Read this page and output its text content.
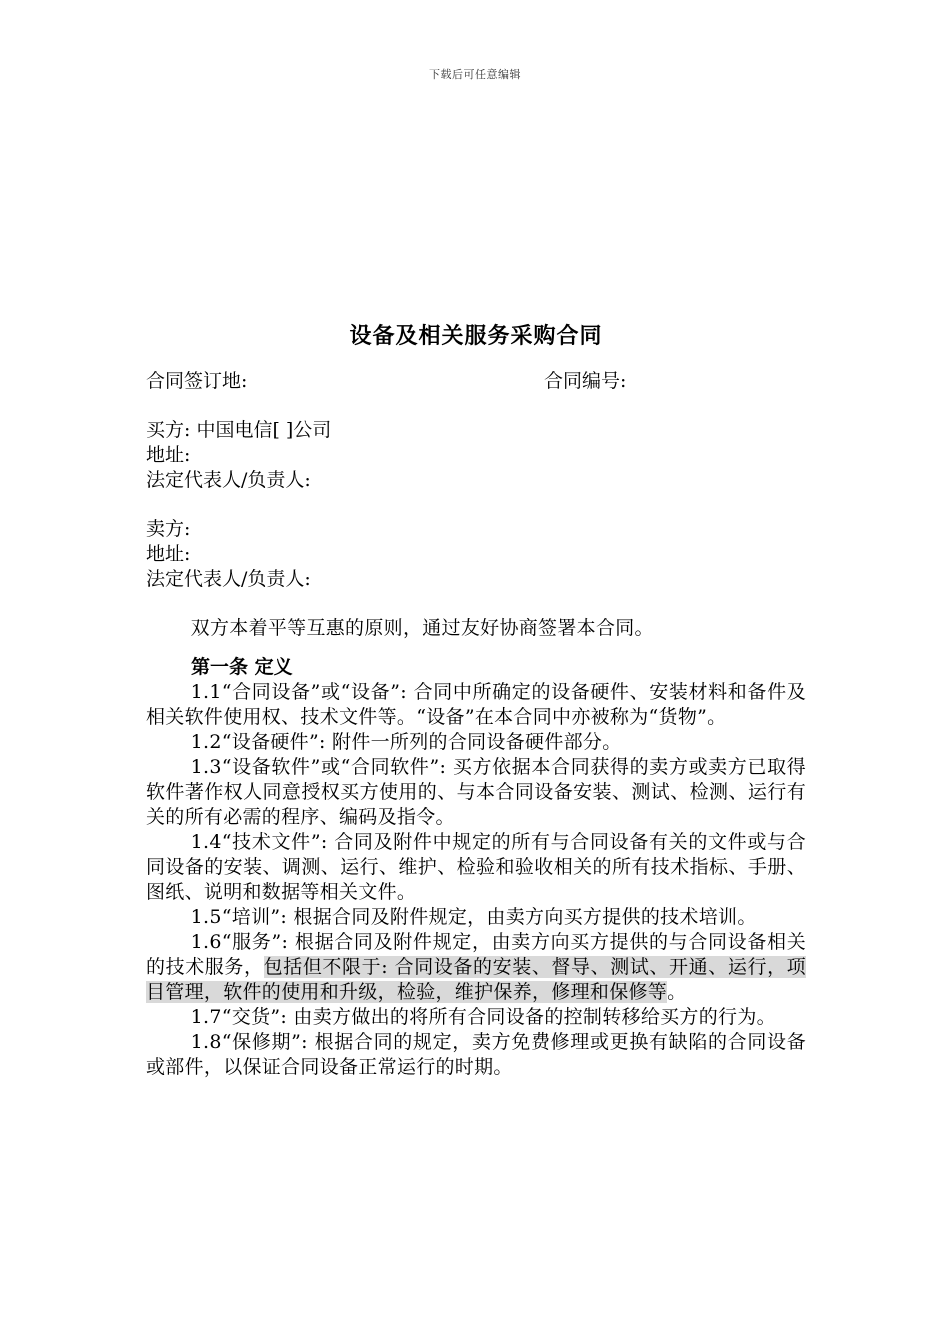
下载后可任意编辑
设备及相关服务采购合同
合同签订地:	合同编号:

买方: 中国电信[ ]公司

地址:

法定代表人/负责人:

卖方:

地址:

法定代表人/负责人:

双方本着平等互惠的原则，通过友好协商签署本合同。

第一条 定义

1.1“合同设备”或“设备”: 合同中所确定的设备硬件、安装材料和备件及相关软件使用权、技术文件等。“设备”在本合同中亦被称为“货物”。

1.2“设备硬件”: 附件一所列的合同设备硬件部分。

1.3“设备软件”或“合同软件”: 买方依据本合同获得的卖方或卖方已取得软件著作权人同意授权买方使用的、与本合同设备安装、测试、检测、运行有关的所有必需的程序、编码及指令。

1.4“技术文件”: 合同及附件中规定的所有与合同设备有关的文件或与合同设备的安装、调测、运行、维护、检验和验收相关的所有技术指标、手册、图纸、说明和数据等相关文件。

1.5“培训”: 根据合同及附件规定，由卖方向买方提供的技术培训。

1.6“服务”: 根据合同及附件规定，由卖方向买方提供的与合同设备相关的技术服务，包括但不限于: 合同设备的安装、督导、测试、开通、运行，项目管理，软件的使用和升级，检验，维护保养，修理和保修等。

1.7“交货”: 由卖方做出的将所有合同设备的控制转移给买方的行为。

1.8“保修期”: 根据合同的规定，卖方免费修理或更换有缺陷的合同设备或部件，以保证合同设备正常运行的时期。
